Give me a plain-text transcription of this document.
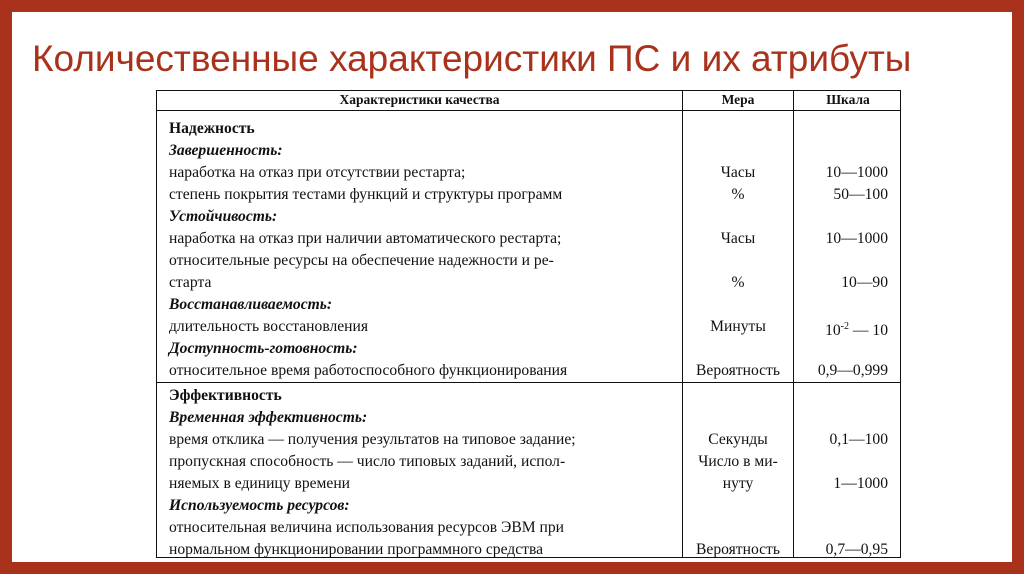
Количественные характеристики ПС и их атрибуты
Характеристики качества	Мера	Шкала
Надежность
Завершенность:
наработка на отказ при отсутствии рестарта;
степень покрытия тестами функций и структуры программ
Устойчивость:
наработка на отказ при наличии автоматического рестарта;
относительные ресурсы на обеспечение надежности и ре-
старта
Восстанавливаемость:
длительность восстановления
Доступность-готовность:
относительное время работоспособного функционирования
Часы
%
Часы
%
Минуты
Вероятность
10—1000
50—100
10—1000
10—90
$10^{-2}$ — 10
0,9—0,999
Эффективность
Временная эффективность:
время отклика — получения результатов на типовое задание;
пропускная способность — число типовых заданий, испол-
няемых в единицу времени
Используемость ресурсов:
относительная величина использования ресурсов ЭВМ при
нормальном функционировании программного средства
Секунды
Число в ми-
нуту
Вероятность
0,1—100
1—1000
0,7—0,95
